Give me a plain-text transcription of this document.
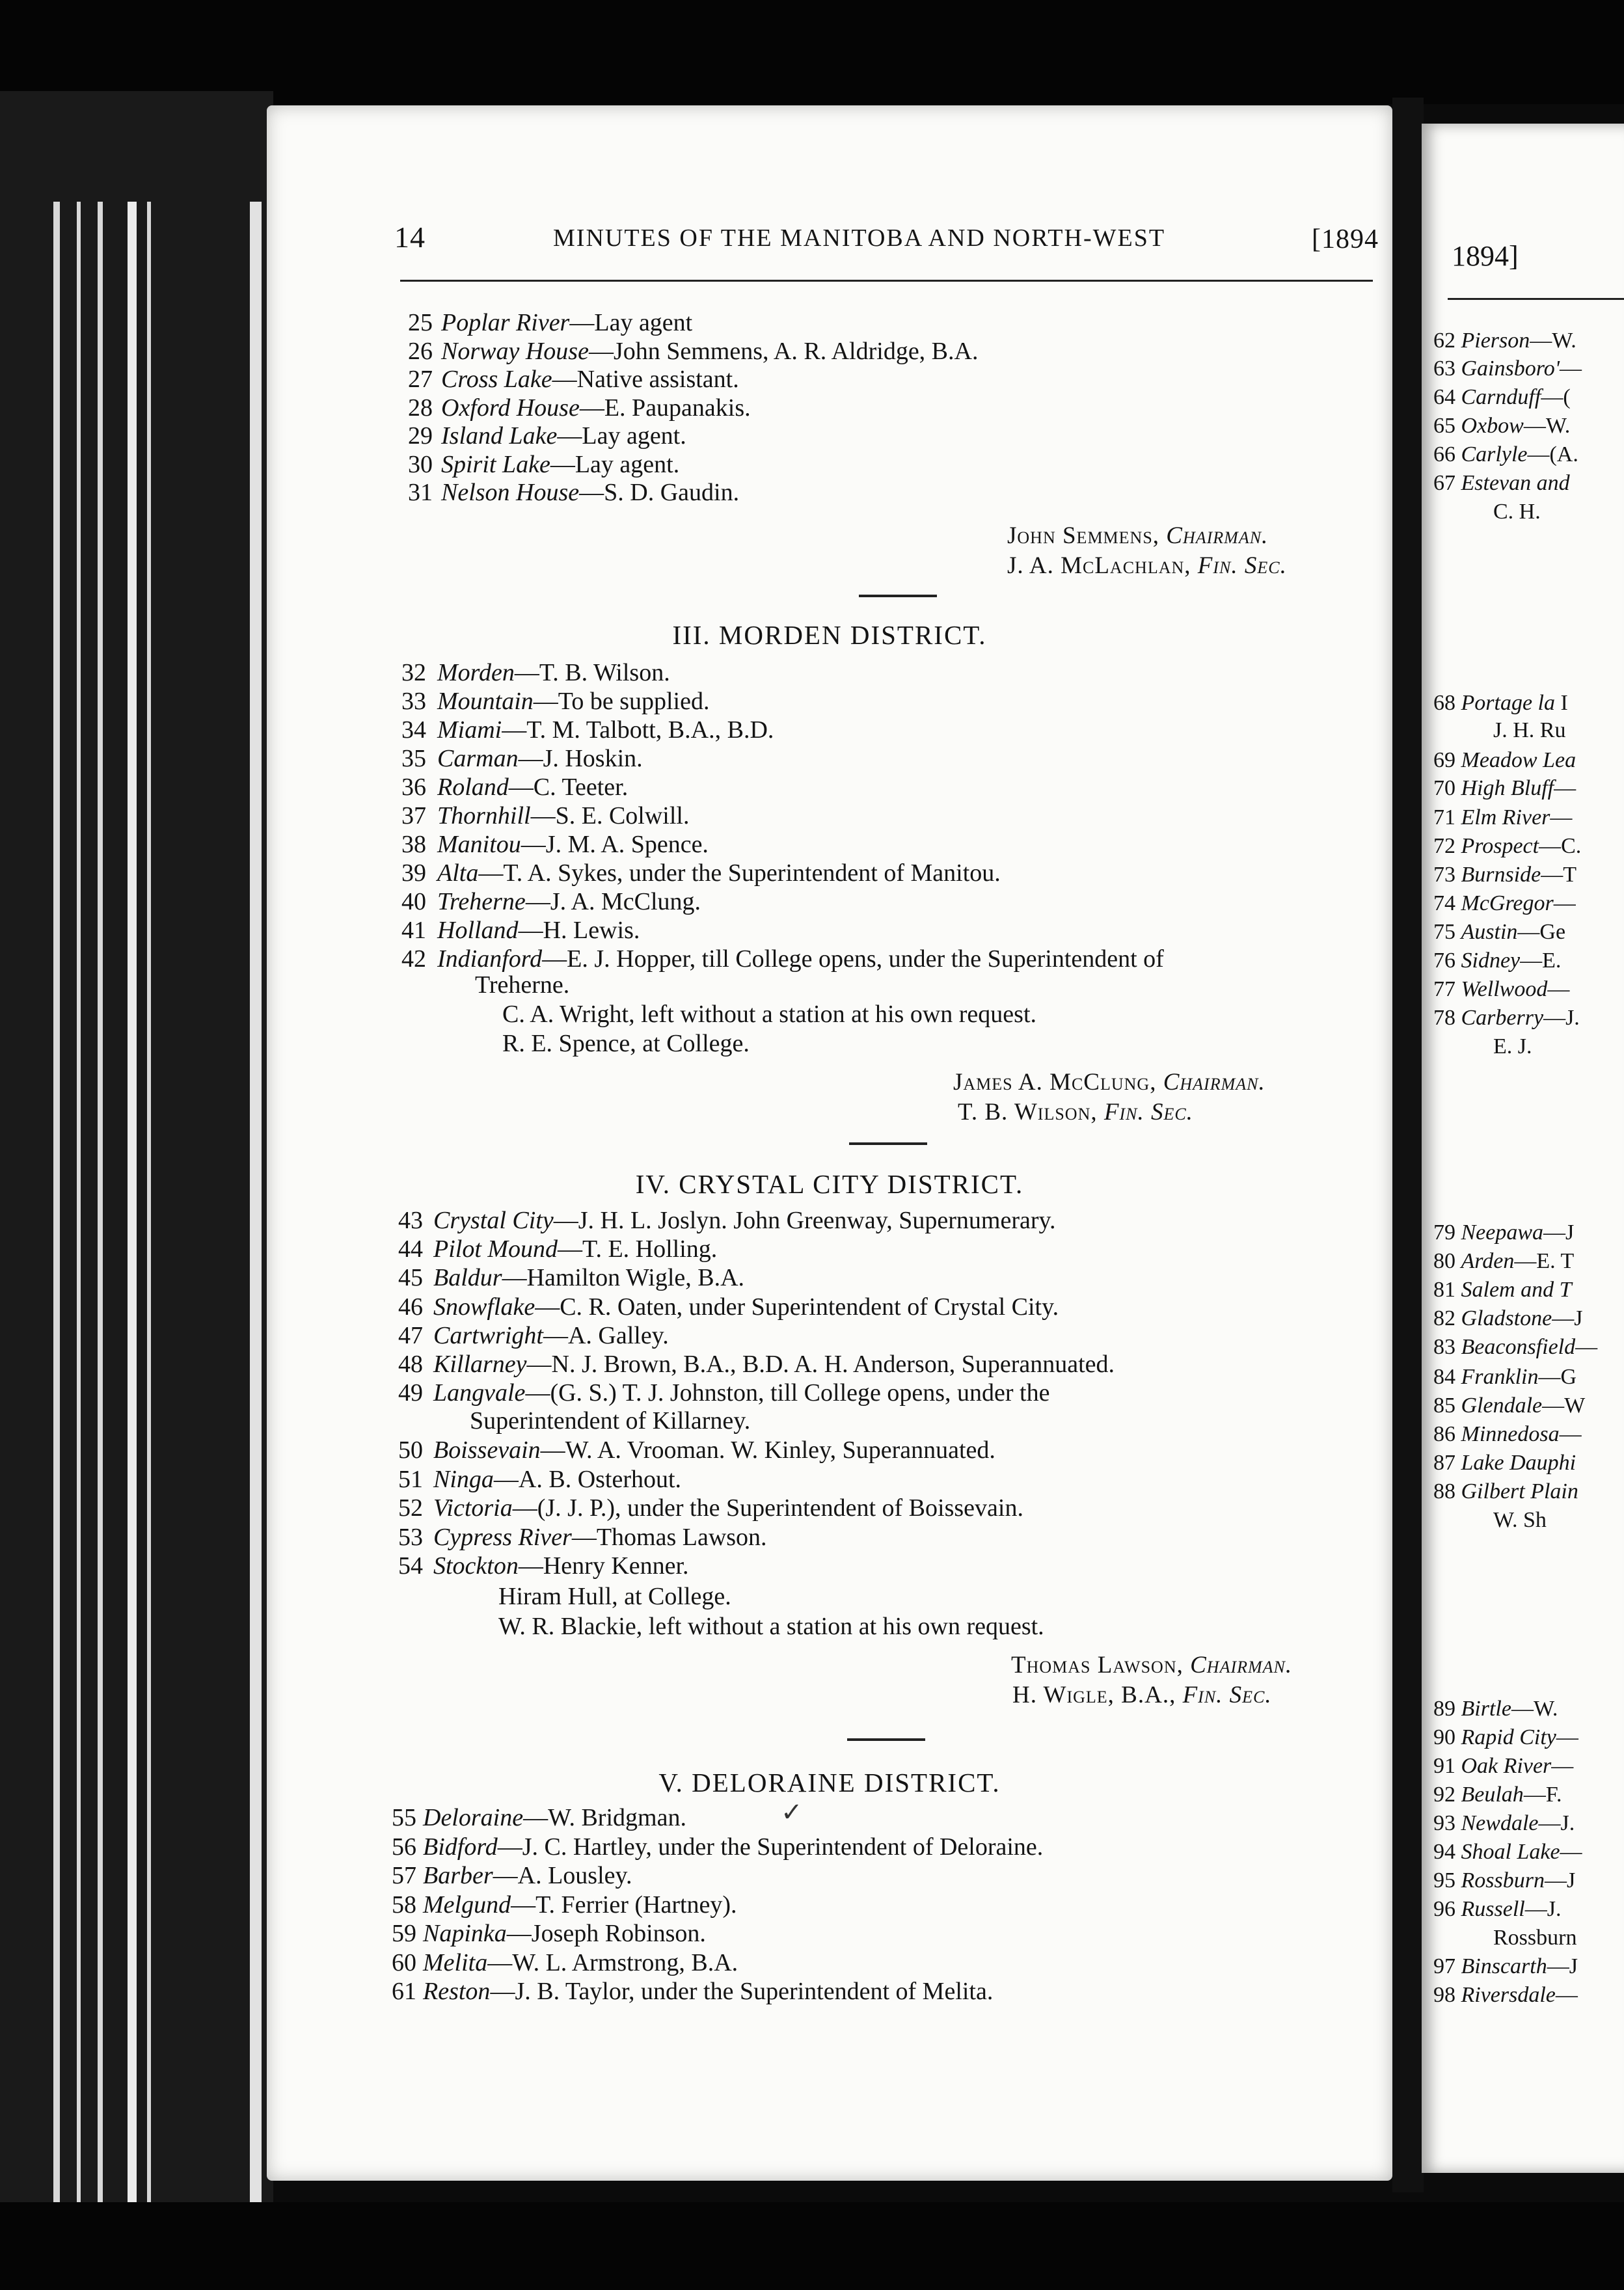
14	MINUTES OF THE MANITOBA AND NORTH-WEST	[1894
25 Poplar River—Lay agent
26 Norway House—John Semmens, A. R. Aldridge, B.A.
27 Cross Lake—Native assistant.
28 Oxford House—E. Paupanakis.
29 Island Lake—Lay agent.
30 Spirit Lake—Lay agent.
31 Nelson House—S. D. Gaudin.
John Semmens, Chairman.
J. A. McLachlan, Fin. Sec.
III. MORDEN DISTRICT.
32 Morden—T. B. Wilson.
33 Mountain—To be supplied.
34 Miami—T. M. Talbott, B.A., B.D.
35 Carman—J. Hoskin.
36 Roland—C. Teeter.
37 Thornhill—S. E. Colwill.
38 Manitou—J. M. A. Spence.
39 Alta—T. A. Sykes, under the Superintendent of Manitou.
40 Treherne—J. A. McClung.
41 Holland—H. Lewis.
42 Indianford—E. J. Hopper, till College opens, under the Superintendent of
Treherne.
C. A. Wright, left without a station at his own request.
R. E. Spence, at College.
James A. McClung, Chairman.
T. B. Wilson, Fin. Sec.
IV. CRYSTAL CITY DISTRICT.
43 Crystal City—J. H. L. Joslyn. John Greenway, Supernumerary.
44 Pilot Mound—T. E. Holling.
45 Baldur—Hamilton Wigle, B.A.
46 Snowflake—C. R. Oaten, under Superintendent of Crystal City.
47 Cartwright—A. Galley.
48 Killarney—N. J. Brown, B.A., B.D. A. H. Anderson, Superannuated.
49 Langvale—(G. S.) T. J. Johnston, till College opens, under the
Superintendent of Killarney.
50 Boissevain—W. A. Vrooman. W. Kinley, Superannuated.
51 Ninga—A. B. Osterhout.
52 Victoria—(J. J. P.), under the Superintendent of Boissevain.
53 Cypress River—Thomas Lawson.
54 Stockton—Henry Kenner.
Hiram Hull, at College.
W. R. Blackie, left without a station at his own request.
Thomas Lawson, Chairman.
H. Wigle, B.A., Fin. Sec.
V. DELORAINE DISTRICT.
55 Deloraine—W. Bridgman.
56 Bidford—J. C. Hartley, under the Superintendent of Deloraine.
57 Barber—A. Lousley.
58 Melgund—T. Ferrier (Hartney).
59 Napinka—Joseph Robinson.
60 Melita—W. L. Armstrong, B.A.
61 Reston—J. B. Taylor, under the Superintendent of Melita.
✓
1894]
62 Pierson—W.
63 Gainsboro'—
64 Carnduff—(
65 Oxbow—W.
66 Carlyle—(A.
67 Estevan and
C. H.
68 Portage la I
J. H. Ru
69 Meadow Lea
70 High Bluff—
71 Elm River—
72 Prospect—C.
73 Burnside—T
74 McGregor—
75 Austin—Ge
76 Sidney—E.
77 Wellwood—
78 Carberry—J.
E. J.
79 Neepawa—J
80 Arden—E. T
81 Salem and T
82 Gladstone—J
83 Beaconsfield—
84 Franklin—G
85 Glendale—W
86 Minnedosa—
87 Lake Dauphi
88 Gilbert Plain
W. Sh
89 Birtle—W.
90 Rapid City—
91 Oak River—
92 Beulah—F.
93 Newdale—J.
94 Shoal Lake—
95 Rossburn—J
96 Russell—J.
Rossburn
97 Binscarth—J
98 Riversdale—
